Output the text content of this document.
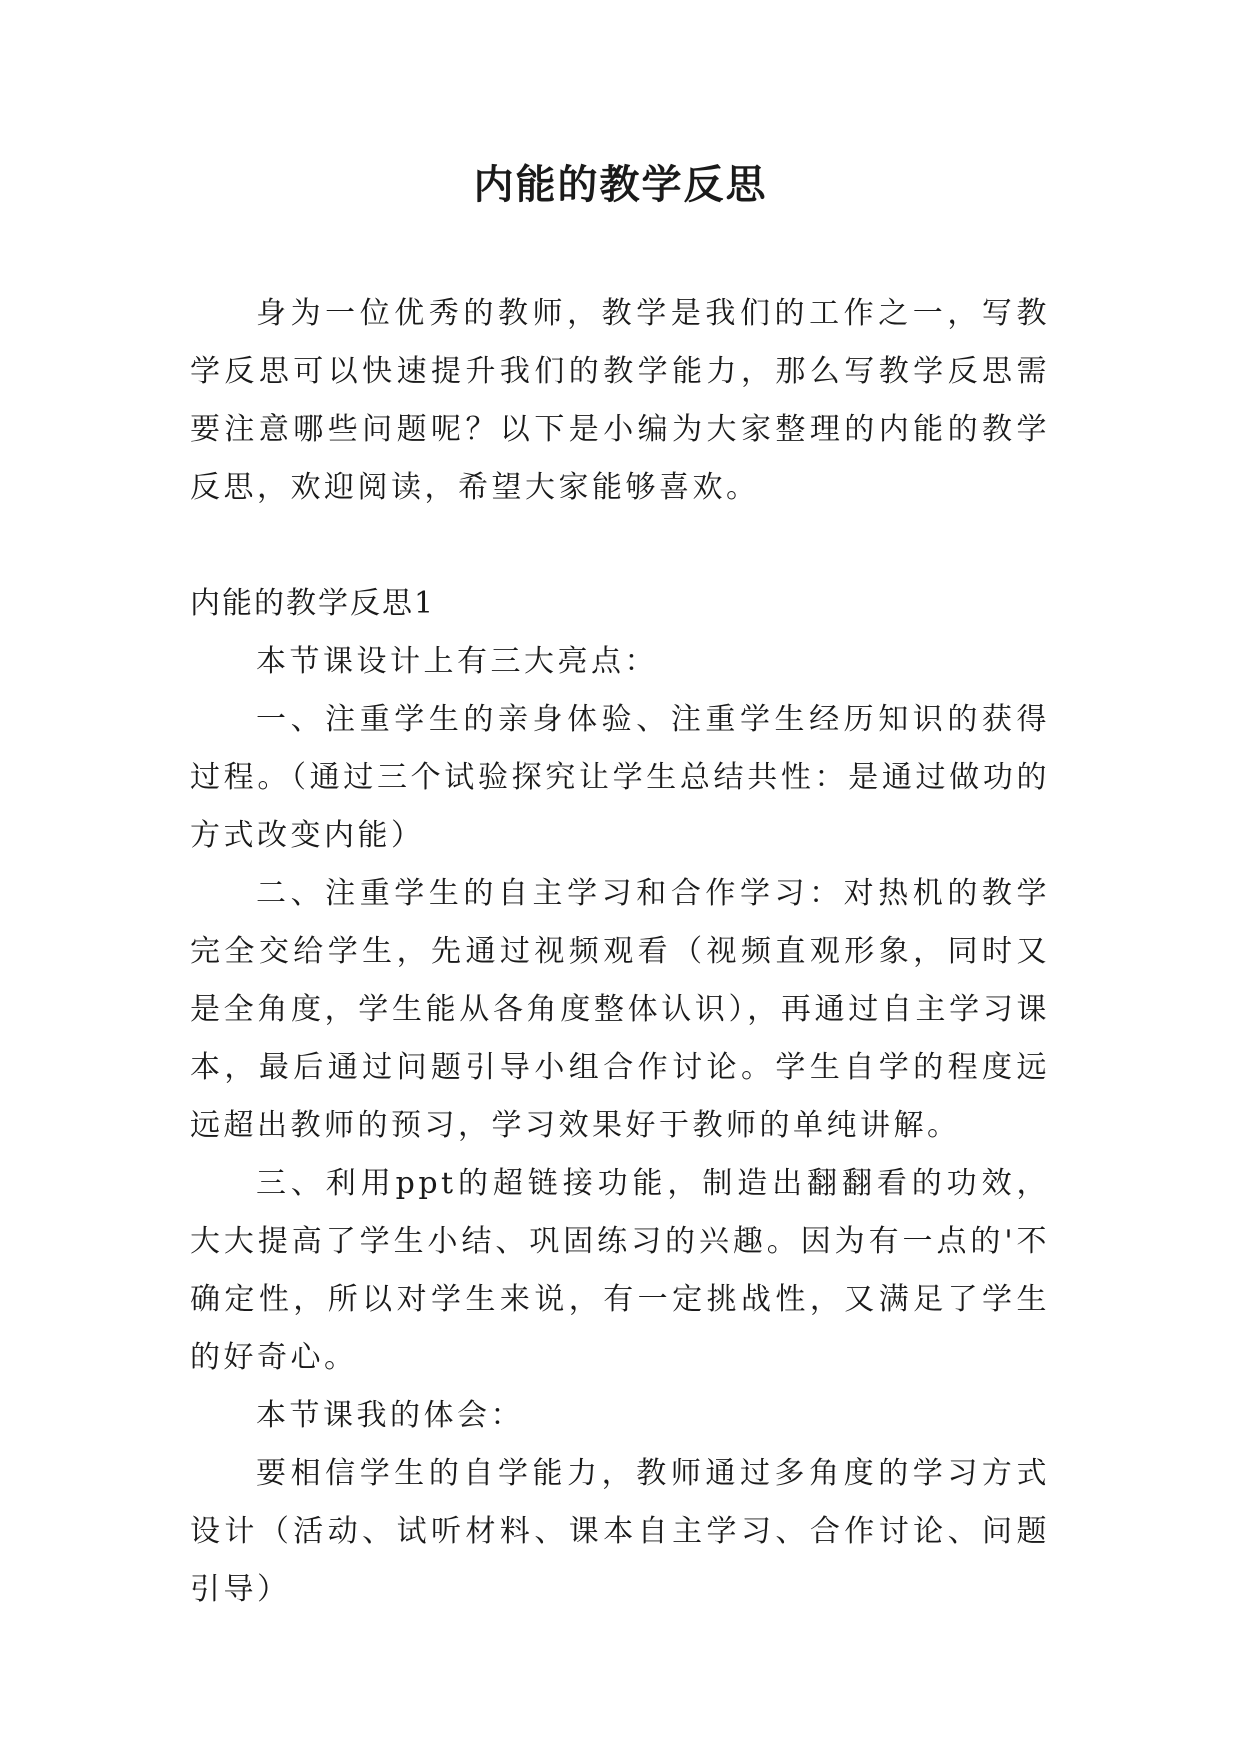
内能的教学反思

身为一位优秀的教师，教学是我们的工作之一，写教学反思可以快速提升我们的教学能力，那么写教学反思需要注意哪些问题呢？以下是小编为大家整理的内能的教学反思，欢迎阅读，希望大家能够喜欢。

内能的教学反思1

本节课设计上有三大亮点：

一、注重学生的亲身体验、注重学生经历知识的获得过程。（通过三个试验探究让学生总结共性：是通过做功的方式改变内能）

二、注重学生的自主学习和合作学习：对热机的教学完全交给学生，先通过视频观看（视频直观形象，同时又是全角度，学生能从各角度整体认识），再通过自主学习课本，最后通过问题引导小组合作讨论。学生自学的程度远远超出教师的预习，学习效果好于教师的单纯讲解。

三、利用ppt的超链接功能，制造出翻翻看的功效，大大提高了学生小结、巩固练习的兴趣。因为有一点的'不确定性，所以对学生来说，有一定挑战性，又满足了学生的好奇心。

本节课我的体会：

要相信学生的自学能力，教师通过多角度的学习方式设计（活动、试听材料、课本自主学习、合作讨论、问题引导）
